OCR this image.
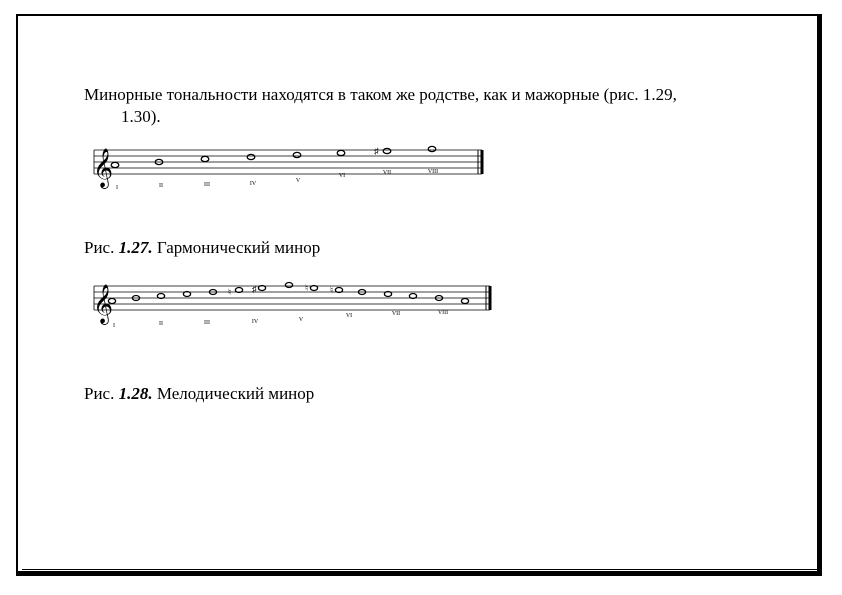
Минорные тональности находятся в таком же родстве, как и мажорные (рис. 1.29,
1.30).

𝄞	♯
I	II	III	IV	V
VI	VII	VIII

Рис. 1.27. Гармонический минор

𝄞	♮ ♯	♮ ♮
I	II	III	IV	V
VI	VII	VIII

Рис. 1.28. Мелодический минор
